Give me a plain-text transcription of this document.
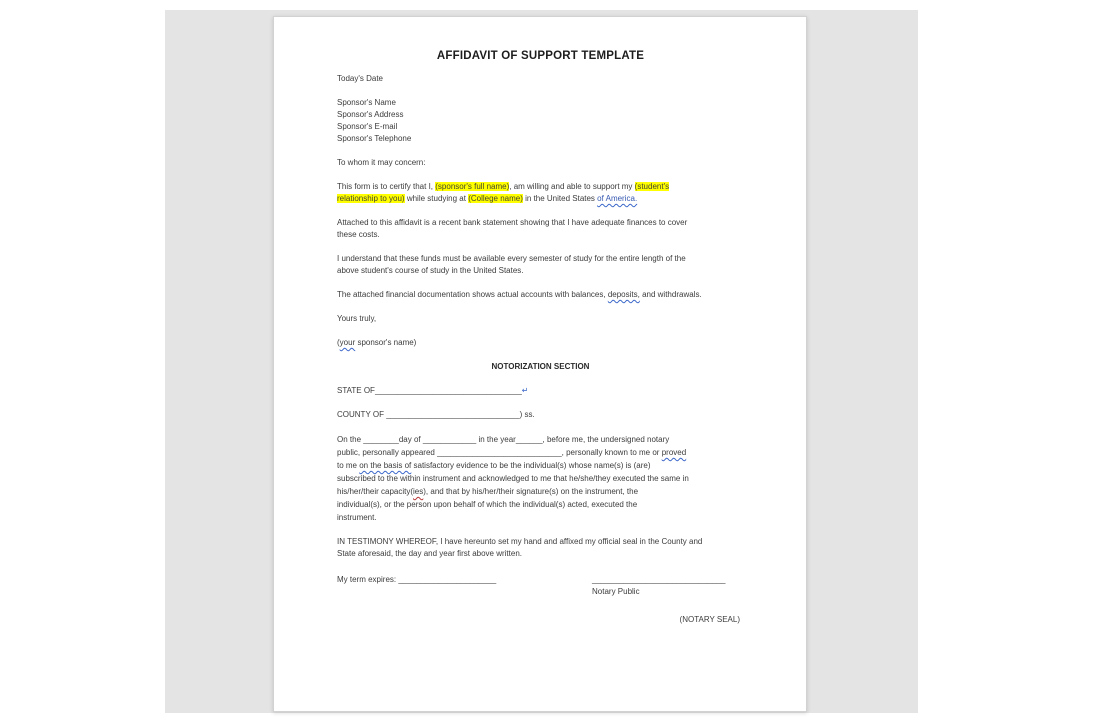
AFFIDAVIT OF SUPPORT TEMPLATE
Today's Date
Sponsor's Name
Sponsor's Address
Sponsor's E-mail
Sponsor's Telephone
To whom it may concern:
This form is to certify that I, (sponsor's full name), am willing and able to support my (student's
relationship to you) while studying at (College name) in the United States of America.
Attached to this affidavit is a recent bank statement showing that I have adequate finances to cover
these costs.
I understand that these funds must be available every semester of study for the entire length of the
above student's course of study in the United States.
The attached financial documentation shows actual accounts with balances, deposits, and withdrawals.
Yours truly,
(your sponsor's name)
NOTORIZATION SECTION
STATE OF_________________________________↵
COUNTY OF ______________________________) ss.
On the ________day of ____________ in the year______, before me, the undersigned notary
public, personally appeared ____________________________, personally known to me or proved
to me on the basis of satisfactory evidence to be the individual(s) whose name(s) is (are)
subscribed to the within instrument and acknowledged to me that he/she/they executed the same in
his/her/their capacity(ies), and that by his/her/their signature(s) on the instrument, the
individual(s), or the person upon behalf of which the individual(s) acted, executed the
instrument.
IN TESTIMONY WHEREOF, I have hereunto set my hand and affixed my official seal in the County and
State aforesaid, the day and year first above written.
My term expires: ______________________	______________________________
Notary Public
(NOTARY SEAL)
